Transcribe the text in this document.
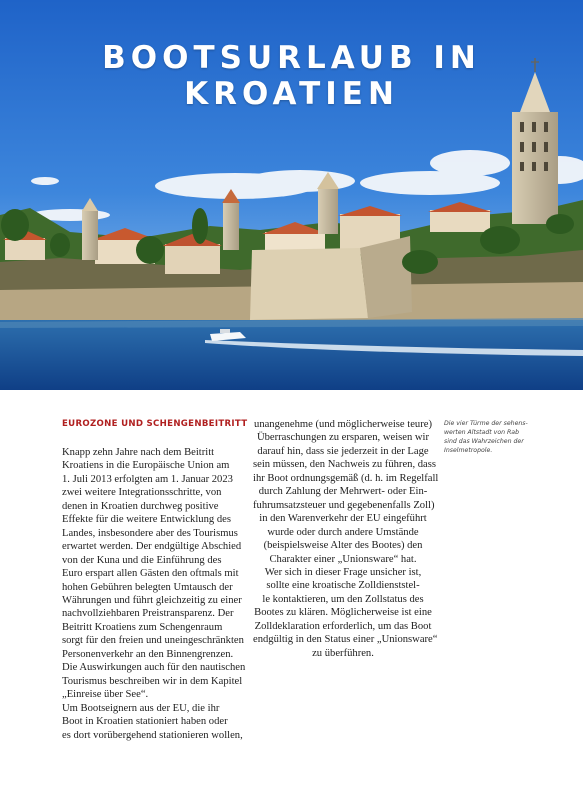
BOOTSURLAUB IN KROATIEN
EUROZONE UND SCHENGENBEITRITT
Knapp zehn Jahre nach dem Beitritt
Kroatiens in die Europäische Union am
1. Juli 2013 erfolgten am 1. Januar 2023
zwei weitere Integrationsschritte, von
denen in Kroatien durchweg positive
Effekte für die weitere Entwicklung des
Landes, insbesondere aber des Tourismus
erwartet werden. Der endgültige Abschied
von der Kuna und die Einführung des
Euro erspart allen Gästen den oftmals mit
hohen Gebühren belegten Umtausch der
Währungen und führt gleichzeitig zu einer
nachvollziehbaren Preistransparenz. Der
Beitritt Kroatiens zum Schengenraum
sorgt für den freien und uneingeschränkten
Personenverkehr an den Binnengrenzen.
Die Auswirkungen auch für den nautischen
Tourismus beschreiben wir in dem Kapitel
„Einreise über See“.
Um Bootseignern aus der EU, die ihr
Boot in Kroatien stationiert haben oder
es dort vorübergehend stationieren wollen,
unangenehme (und möglicherweise teure)
Überraschungen zu ersparen, weisen wir
darauf hin, dass sie jederzeit in der Lage
sein müssen, den Nachweis zu führen, dass
ihr Boot ordnungsgemäß (d. h. im Regelfall
durch Zahlung der Mehrwert- oder Ein-
fuhrumsatzsteuer und gegebenenfalls Zoll)
in den Warenverkehr der EU eingeführt
wurde oder durch andere Umstände
(beispielsweise Alter des Bootes) den
Charakter einer „Unionsware“ hat.
Wer sich in dieser Frage unsicher ist,
sollte eine kroatische Zolldienststel-
le kontaktieren, um den Zollstatus des
Bootes zu klären. Möglicherweise ist eine
Zolldeklaration erforderlich, um das Boot
endgültig in den Status einer „Unionsware“
zu überführen.
Die vier Türme der sehens-
werten Altstadt von Rab
sind das Wahrzeichen der
Inselmetropole.
